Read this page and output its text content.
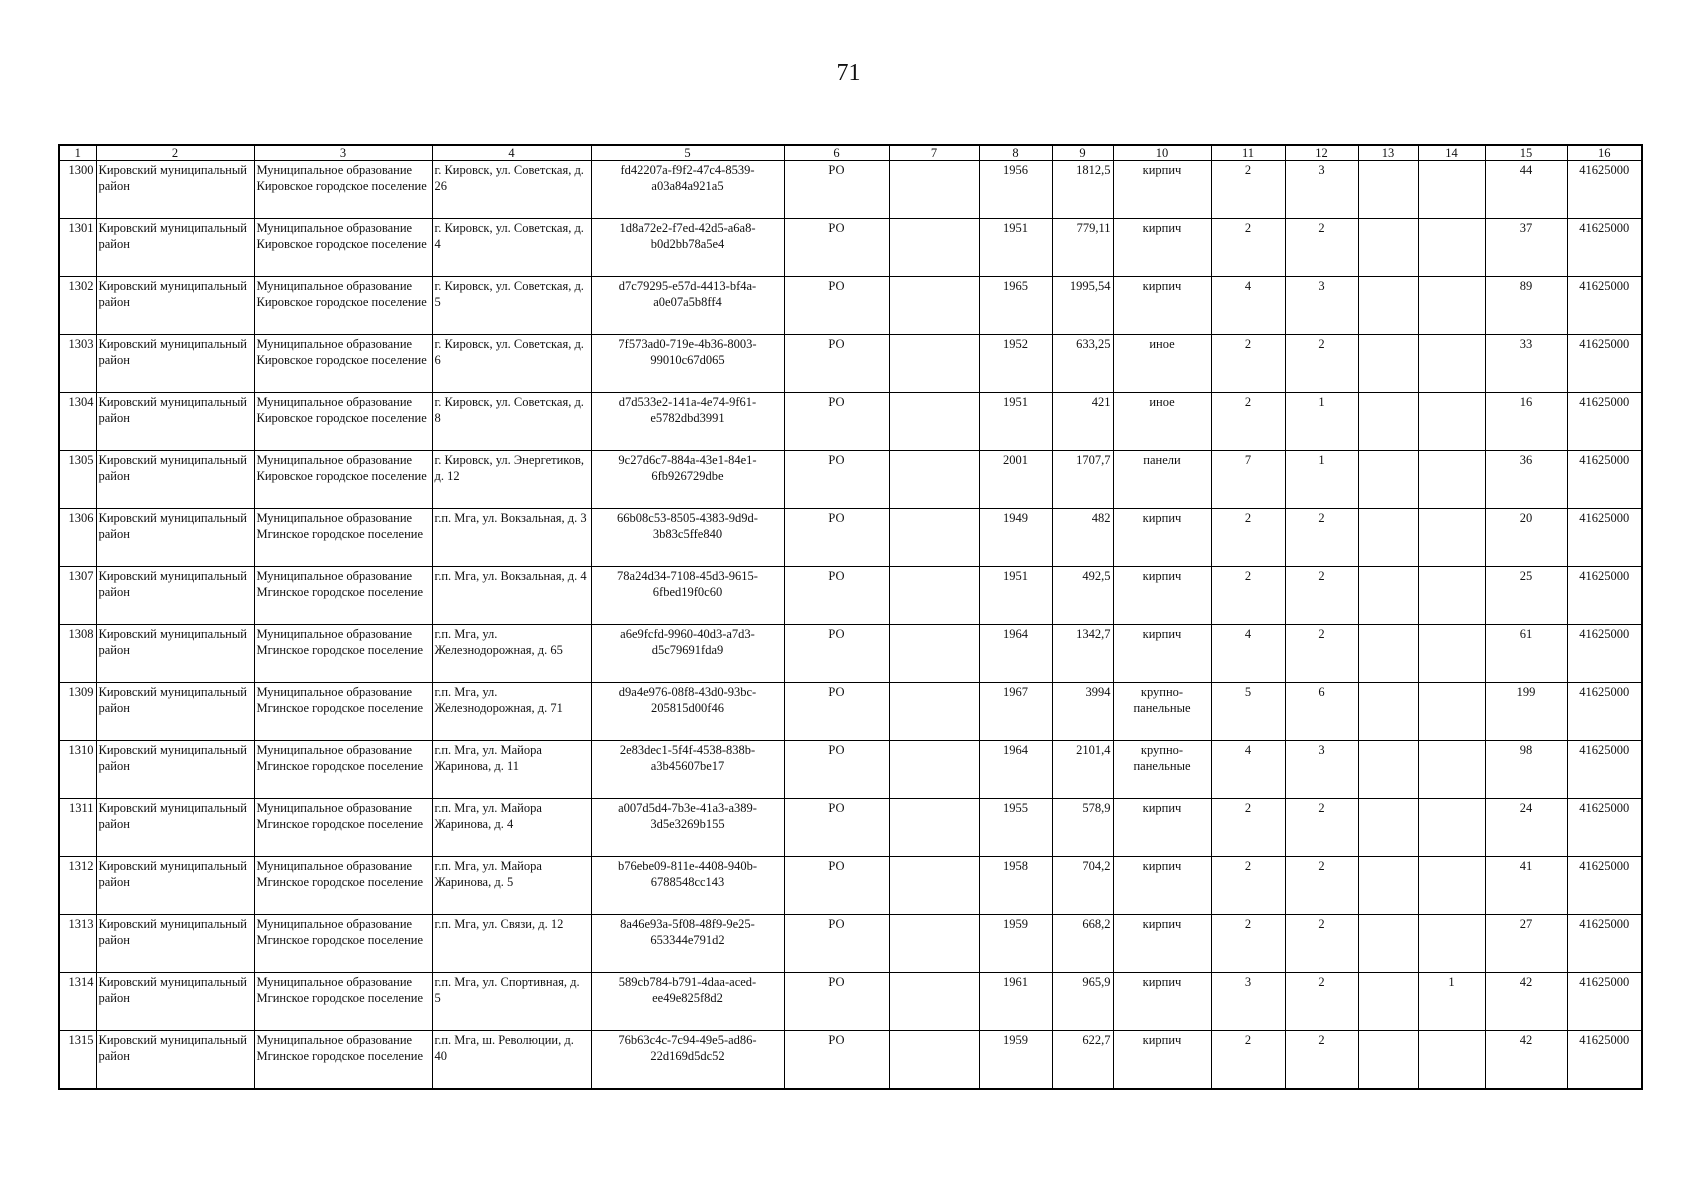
71
1	2	3	4	5	6	7	8	9	10	11	12	13	14	15	16
1300	Кировский муниципальный район	Муниципальное образование Кировское городское поселение	г. Кировск, ул. Советская, д. 26	fd42207a-f9f2-47c4-8539-a03a84a921a5	РО		1956	1812,5	кирпич	2	3			44	41625000
1301	Кировский муниципальный район	Муниципальное образование Кировское городское поселение	г. Кировск, ул. Советская, д. 4	1d8a72e2-f7ed-42d5-a6a8-b0d2bb78a5e4	РО		1951	779,11	кирпич	2	2			37	41625000
1302	Кировский муниципальный район	Муниципальное образование Кировское городское поселение	г. Кировск, ул. Советская, д. 5	d7c79295-e57d-4413-bf4a-a0e07a5b8ff4	РО		1965	1995,54	кирпич	4	3			89	41625000
1303	Кировский муниципальный район	Муниципальное образование Кировское городское поселение	г. Кировск, ул. Советская, д. 6	7f573ad0-719e-4b36-8003-99010c67d065	РО		1952	633,25	иное	2	2			33	41625000
1304	Кировский муниципальный район	Муниципальное образование Кировское городское поселение	г. Кировск, ул. Советская, д. 8	d7d533e2-141a-4e74-9f61-e5782dbd3991	РО		1951	421	иное	2	1			16	41625000
1305	Кировский муниципальный район	Муниципальное образование Кировское городское поселение	г. Кировск, ул. Энергетиков, д. 12	9c27d6c7-884a-43e1-84e1-6fb926729dbe	РО		2001	1707,7	панели	7	1			36	41625000
1306	Кировский муниципальный район	Муниципальное образование Мгинское городское поселение	г.п. Мга, ул. Вокзальная, д. 3	66b08c53-8505-4383-9d9d-3b83c5ffe840	РО		1949	482	кирпич	2	2			20	41625000
1307	Кировский муниципальный район	Муниципальное образование Мгинское городское поселение	г.п. Мга, ул. Вокзальная, д. 4	78a24d34-7108-45d3-9615-6fbed19f0c60	РО		1951	492,5	кирпич	2	2			25	41625000
1308	Кировский муниципальный район	Муниципальное образование Мгинское городское поселение	г.п. Мга, ул. Железнодорожная, д. 65	a6e9fcfd-9960-40d3-a7d3-d5c79691fda9	РО		1964	1342,7	кирпич	4	2			61	41625000
1309	Кировский муниципальный район	Муниципальное образование Мгинское городское поселение	г.п. Мга, ул. Железнодорожная, д. 71	d9a4e976-08f8-43d0-93bc-205815d00f46	РО		1967	3994	крупно-панельные	5	6			199	41625000
1310	Кировский муниципальный район	Муниципальное образование Мгинское городское поселение	г.п. Мга, ул. Майора Жаринова, д. 11	2e83dec1-5f4f-4538-838b-a3b45607be17	РО		1964	2101,4	крупно-панельные	4	3			98	41625000
1311	Кировский муниципальный район	Муниципальное образование Мгинское городское поселение	г.п. Мга, ул. Майора Жаринова, д. 4	a007d5d4-7b3e-41a3-a389-3d5e3269b155	РО		1955	578,9	кирпич	2	2			24	41625000
1312	Кировский муниципальный район	Муниципальное образование Мгинское городское поселение	г.п. Мга, ул. Майора Жаринова, д. 5	b76ebe09-811e-4408-940b-6788548cc143	РО		1958	704,2	кирпич	2	2			41	41625000
1313	Кировский муниципальный район	Муниципальное образование Мгинское городское поселение	г.п. Мга, ул. Связи, д. 12	8a46e93a-5f08-48f9-9e25-653344e791d2	РО		1959	668,2	кирпич	2	2			27	41625000
1314	Кировский муниципальный район	Муниципальное образование Мгинское городское поселение	г.п. Мга, ул. Спортивная, д. 5	589cb784-b791-4daa-aced-ee49e825f8d2	РО		1961	965,9	кирпич	3	2		1	42	41625000
1315	Кировский муниципальный район	Муниципальное образование Мгинское городское поселение	г.п. Мга, ш. Революции, д. 40	76b63c4c-7c94-49e5-ad86-22d169d5dc52	РО		1959	622,7	кирпич	2	2			42	41625000
